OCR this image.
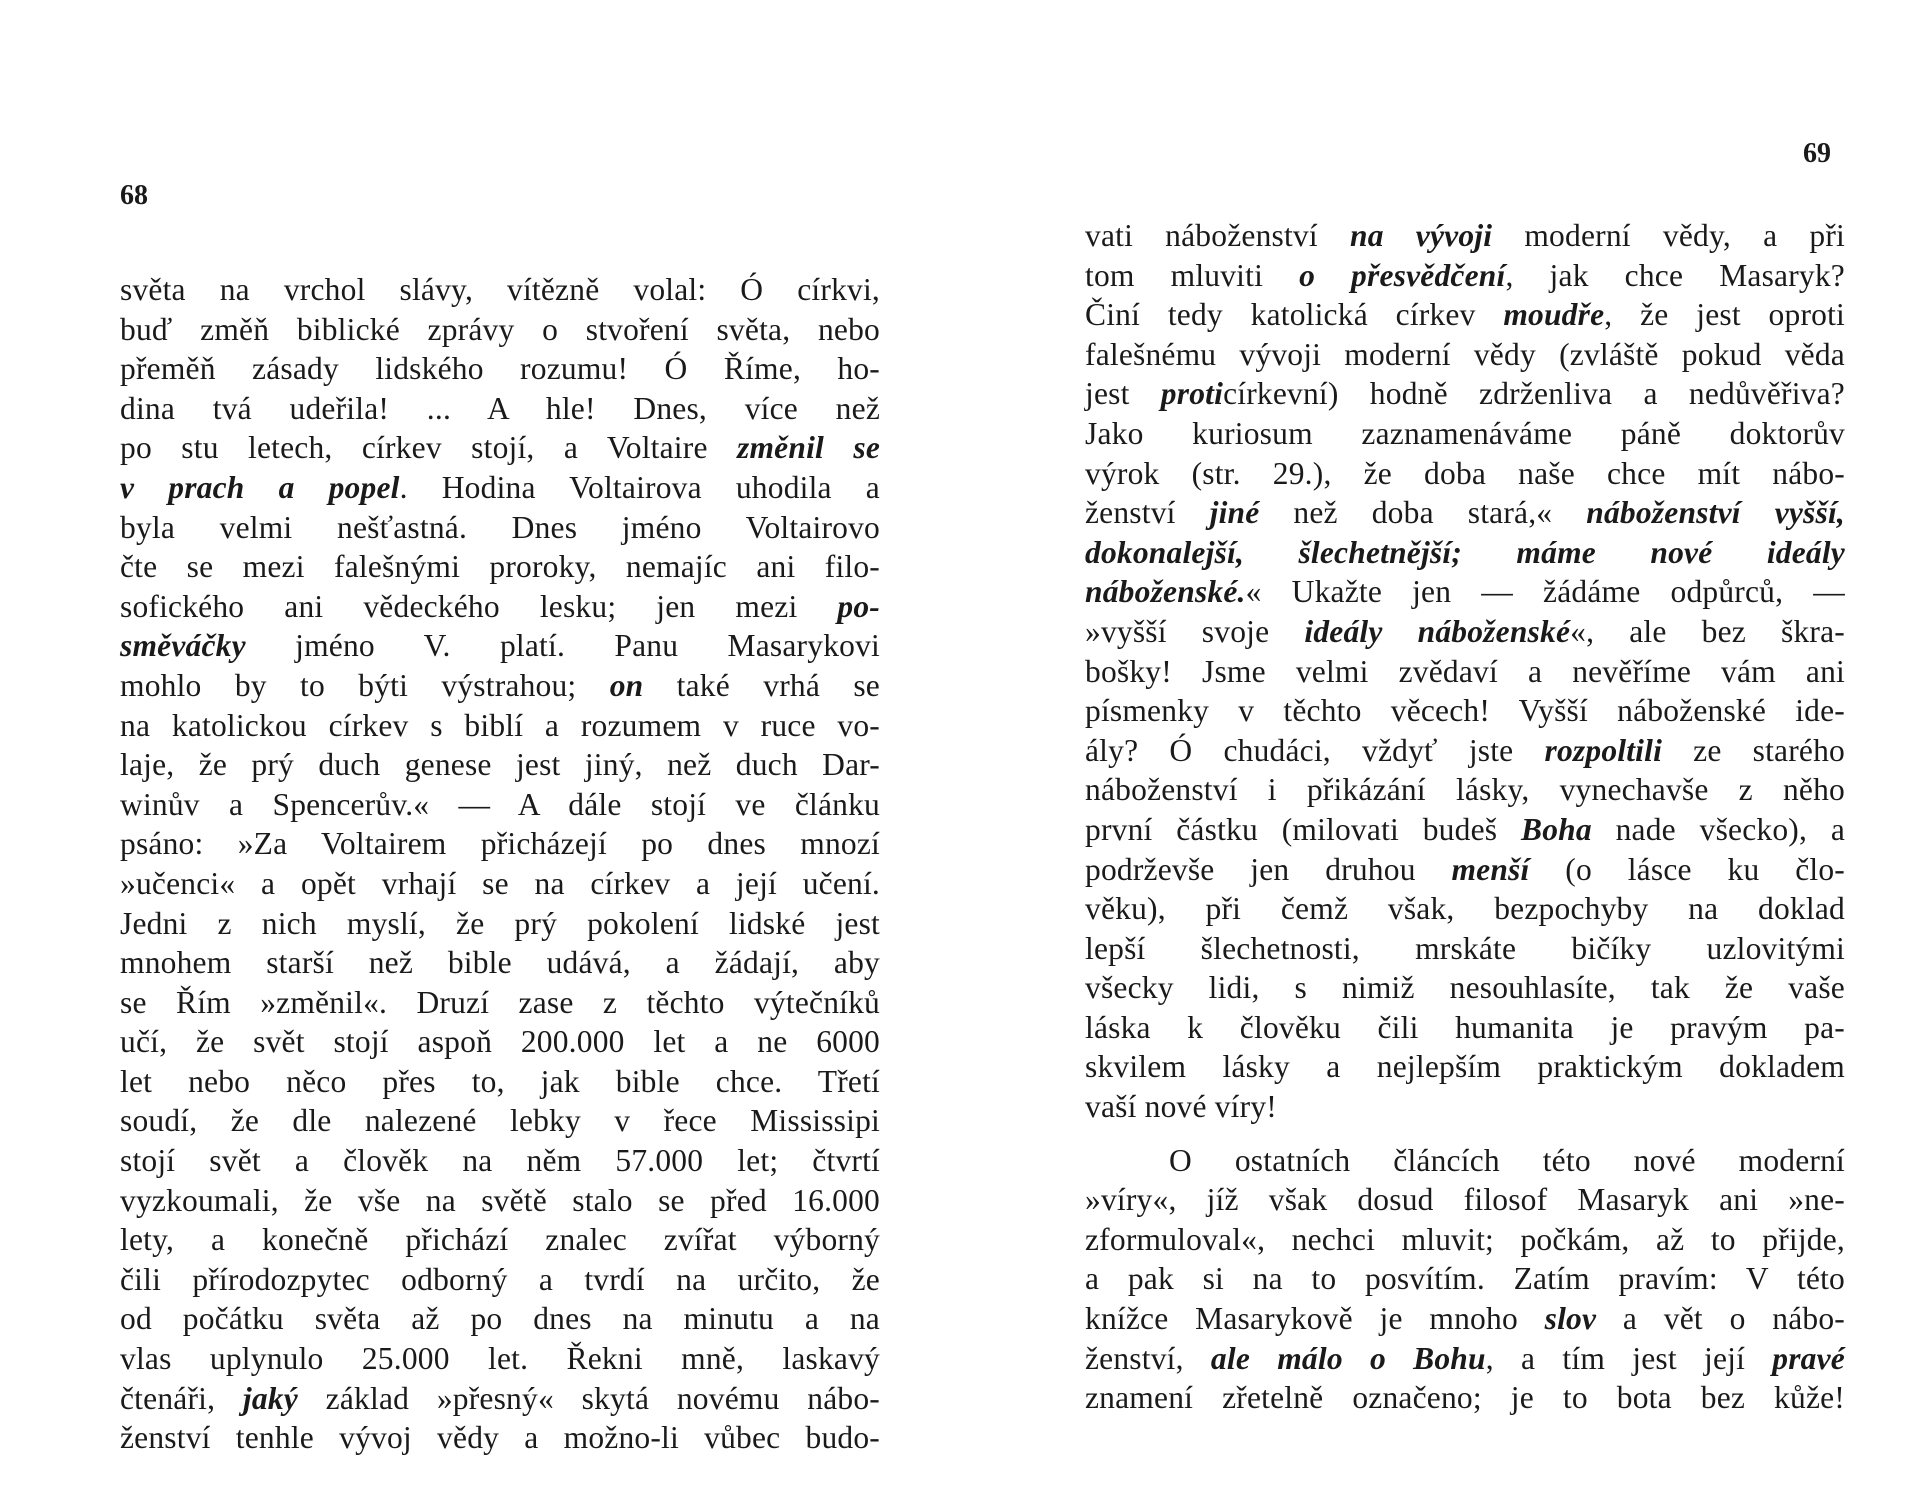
68
světa na vrchol slávy, vítězně volal: Ó církvi,
buď změň biblické zprávy o stvoření světa, nebo
přeměň zásady lidského rozumu! Ó Říme, ho-
dina tvá udeřila! ... A hle! Dnes, více než
po stu letech, církev stojí, a Voltaire změnil se
v prach a popel. Hodina Voltairova uhodila a
byla velmi nešťastná. Dnes jméno Voltairovo
čte se mezi falešnými proroky, nemajíc ani filo-
sofického ani vědeckého lesku; jen mezi po-
směváčky jméno V. platí. Panu Masarykovi
mohlo by to býti výstrahou; on také vrhá se
na katolickou církev s biblí a rozumem v ruce vo-
laje, že prý duch genese jest jiný, než duch Dar-
winův a Spencerův.« — A dále stojí ve článku
psáno: »Za Voltairem přicházejí po dnes mnozí
»učenci« a opět vrhají se na církev a její učení.
Jedni z nich myslí, že prý pokolení lidské jest
mnohem starší než bible udává, a žádají, aby
se Řím »změnil«. Druzí zase z těchto výtečníků
učí, že svět stojí aspoň 200.000 let a ne 6000
let nebo něco přes to, jak bible chce. Třetí
soudí, že dle nalezené lebky v řece Mississipi
stojí svět a člověk na něm 57.000 let; čtvrtí
vyzkoumali, že vše na světě stalo se před 16.000
lety, a konečně přichází znalec zvířat výborný
čili přírodozpytec odborný a tvrdí na určito, že
od počátku světa až po dnes na minutu a na
vlas uplynulo 25.000 let. Řekni mně, laskavý
čtenáři, jaký základ »přesný« skytá novému nábo-
ženství tenhle vývoj vědy a možno-li vůbec budo-
69
vati náboženství na vývoji moderní vědy, a při
tom mluviti o přesvědčení, jak chce Masaryk?
Činí tedy katolická církev moudře, že jest oproti
falešnému vývoji moderní vědy (zvláště pokud věda
jest proticírkevní) hodně zdrženliva a nedůvěřiva?
Jako kuriosum zaznamenáváme páně doktorův
výrok (str. 29.), že doba naše chce mít nábo-
ženství jiné než doba stará,« náboženství vyšší,
dokonalejší, šlechetnější; máme nové ideály
náboženské.« Ukažte jen — žádáme odpůrců, —
»vyšší svoje ideály náboženské«, ale bez škra-
bošky! Jsme velmi zvědaví a nevěříme vám ani
písmenky v těchto věcech! Vyšší náboženské ide-
ály? Ó chudáci, vždyť jste rozpoltili ze starého
náboženství i přikázání lásky, vynechavše z něho
první částku (milovati budeš Boha nade všecko), a
podrževše jen druhou menší (o lásce ku člo-
věku), při čemž však, bezpochyby na doklad
lepší šlechetnosti, mrskáte bičíky uzlovitými
všecky lidi, s nimiž nesouhlasíte, tak že vaše
láska k člověku čili humanita je pravým pa-
skvilem lásky a nejlepším praktickým dokladem
vaší nové víry!
O ostatních článcích této nové moderní
»víry«, jíž však dosud filosof Masaryk ani »ne-
zformuloval«, nechci mluvit; počkám, až to přijde,
a pak si na to posvítím. Zatím pravím: V této
knížce Masarykově je mnoho slov a vět o nábo-
ženství, ale málo o Bohu, a tím jest její pravé
znamení zřetelně označeno; je to bota bez kůže!
